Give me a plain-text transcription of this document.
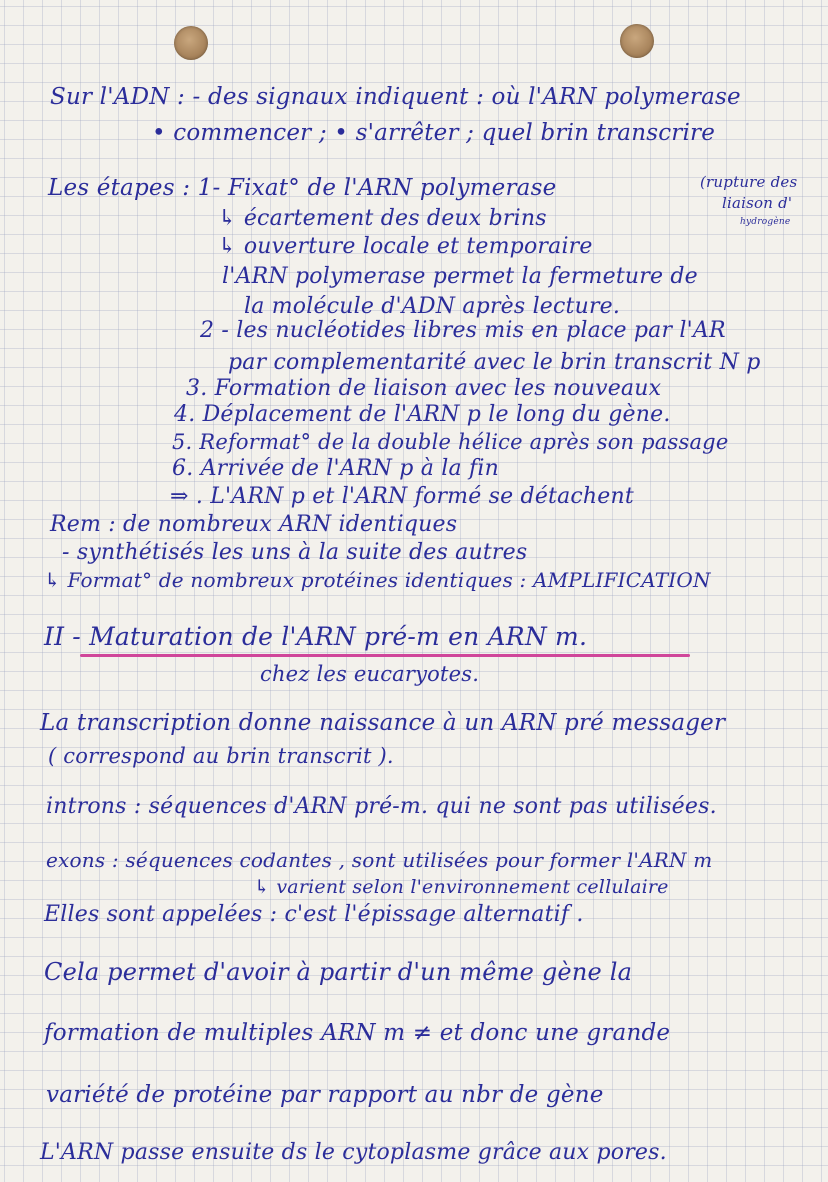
Sur l'ADN : - des signaux indiquent : où l'ARN polymerase
• commencer ; • s'arrêter ; quel brin transcrire
Les étapes : 1- Fixat° de l'ARN polymerase	(rupture des
liaison d'
hydrogène
↳ écartement des deux brins
↳ ouverture locale et temporaire
l'ARN polymerase permet la fermeture de
la molécule d'ADN après lecture.
2 - les nucléotides libres mis en place par l'AR
par complementarité avec le brin transcrit N p
3. Formation de liaison avec les nouveaux
4. Déplacement de l'ARN p le long du gène.
5. Reformat° de la double hélice après son passage
6. Arrivée de l'ARN p à la fin
⇒ . L'ARN p et l'ARN formé se détachent
Rem : de nombreux ARN identiques
- synthétisés les uns à la suite des autres
↳ Format° de nombreux protéines identiques : AMPLIFICATION
II - Maturation de l'ARN pré-m en ARN m.
chez les eucaryotes.
La transcription donne naissance à un ARN pré messager
( correspond au brin transcrit ).
introns : séquences d'ARN pré-m. qui ne sont pas utilisées.
exons : séquences codantes , sont utilisées pour former l'ARN m
↳ varient selon l'environnement cellulaire
Elles sont appelées : c'est l'épissage alternatif .
Cela permet d'avoir à partir d'un même gène la
formation de multiples ARN m ≠ et donc une grande
variété de protéine par rapport au nbr de gène
L'ARN passe ensuite ds le cytoplasme grâce aux pores.
